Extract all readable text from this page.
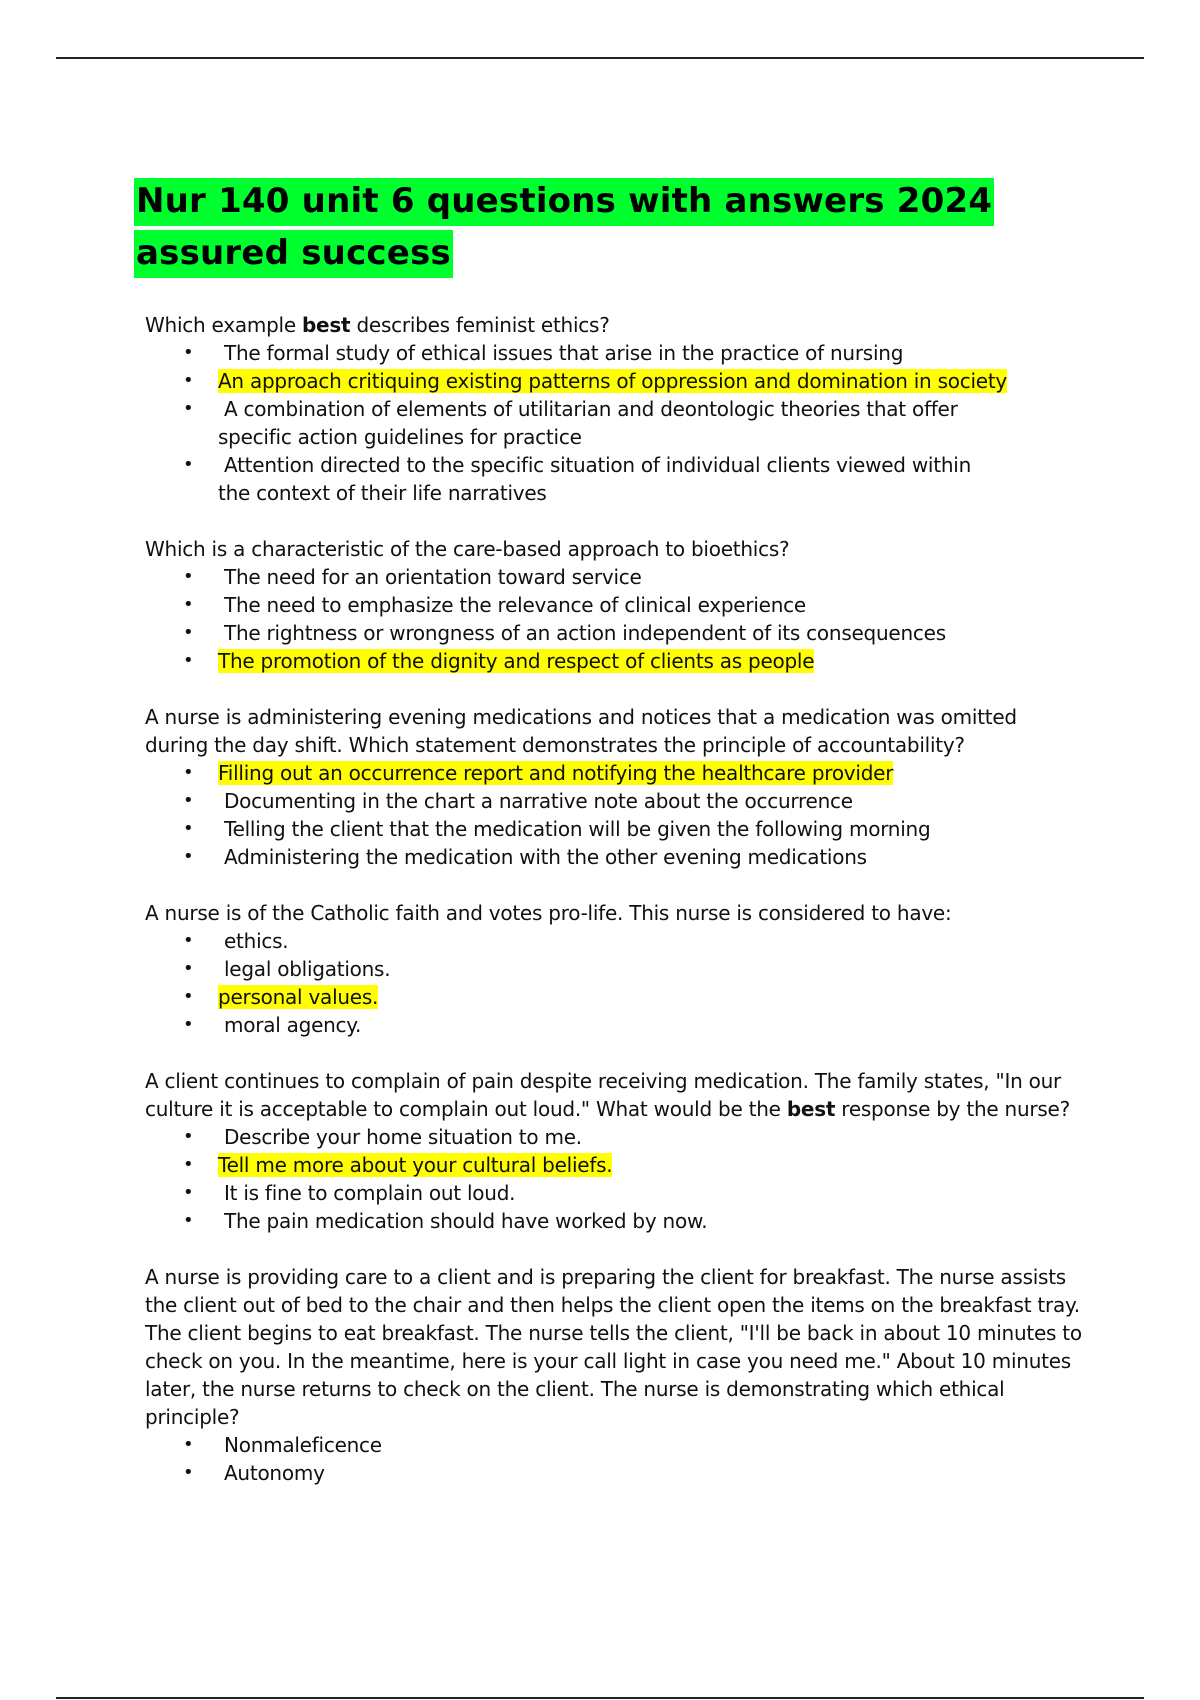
Nur 140 unit 6 questions with answers 2024 assured success

Which example best describes feminist ethics?

• The formal study of ethical issues that arise in the practice of nursing
• An approach critiquing existing patterns of oppression and domination in society
• A combination of elements of utilitarian and deontologic theories that offer specific action guidelines for practice
• Attention directed to the specific situation of individual clients viewed within the context of their life narratives

Which is a characteristic of the care-based approach to bioethics?

• The need for an orientation toward service
• The need to emphasize the relevance of clinical experience
• The rightness or wrongness of an action independent of its consequences
• The promotion of the dignity and respect of clients as people

A nurse is administering evening medications and notices that a medication was omitted during the day shift. Which statement demonstrates the principle of accountability?

• Filling out an occurrence report and notifying the healthcare provider
• Documenting in the chart a narrative note about the occurrence
• Telling the client that the medication will be given the following morning
• Administering the medication with the other evening medications

A nurse is of the Catholic faith and votes pro-life. This nurse is considered to have:

• ethics.
• legal obligations.
• personal values.
• moral agency.

A client continues to complain of pain despite receiving medication. The family states, "In our culture it is acceptable to complain out loud." What would be the best response by the nurse?

• Describe your home situation to me.
• Tell me more about your cultural beliefs.
• It is fine to complain out loud.
• The pain medication should have worked by now.

A nurse is providing care to a client and is preparing the client for breakfast. The nurse assists the client out of bed to the chair and then helps the client open the items on the breakfast tray. The client begins to eat breakfast. The nurse tells the client, "I'll be back in about 10 minutes to check on you. In the meantime, here is your call light in case you need me." About 10 minutes later, the nurse returns to check on the client. The nurse is demonstrating which ethical principle?

• Nonmaleficence
• Autonomy
